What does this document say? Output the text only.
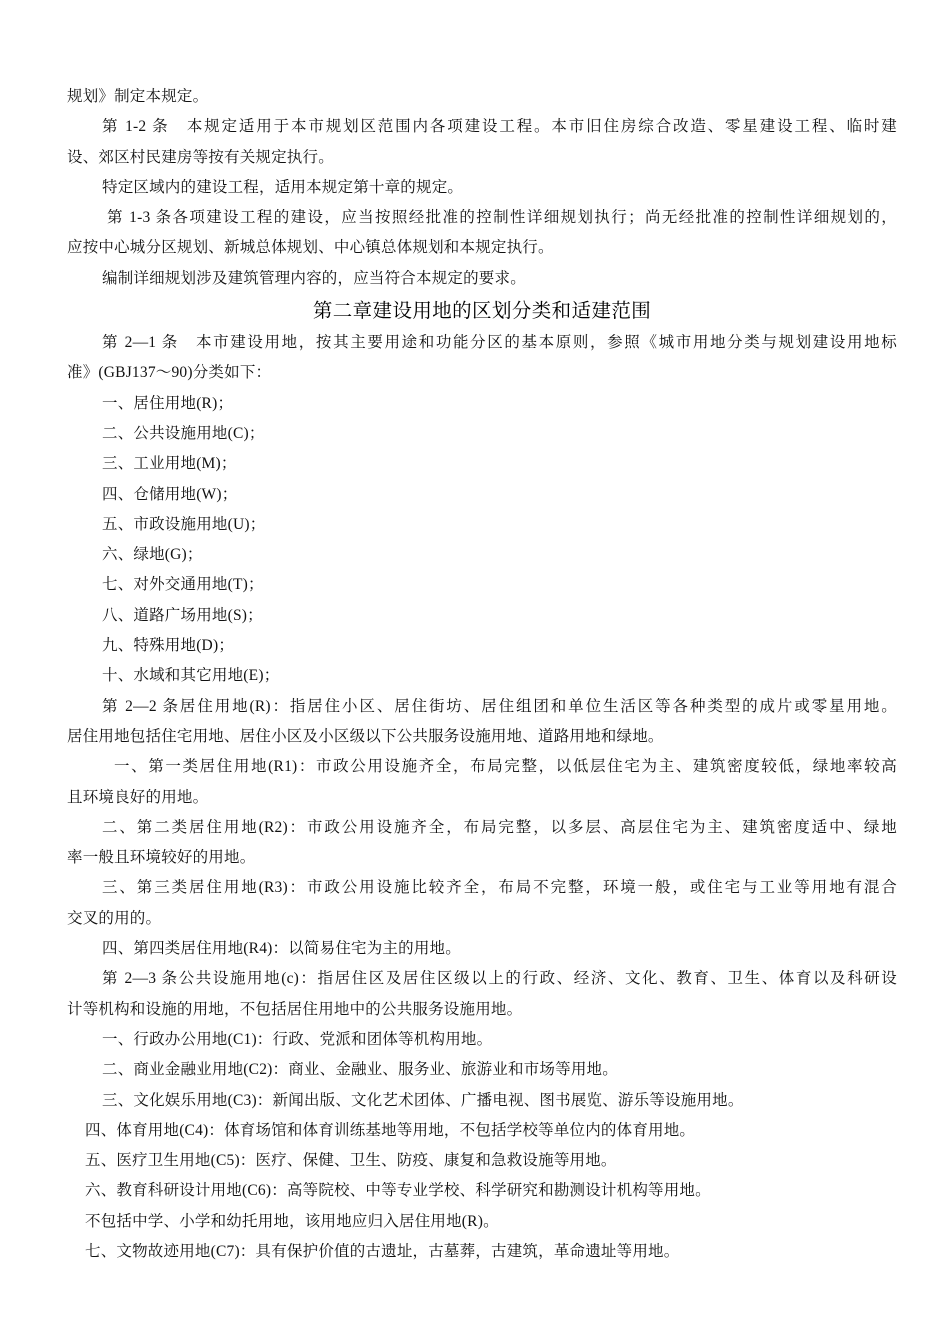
规划》制定本规定。
第 1-2 条　本规定适用于本市规划区范围内各项建设工程。本市旧住房综合改造、零星建设工程、临时建
设、郊区村民建房等按有关规定执行。
特定区域内的建设工程，适用本规定第十章的规定。
第 1-3 条各项建设工程的建设，应当按照经批准的控制性详细规划执行；尚无经批准的控制性详细规划的，
应按中心城分区规划、新城总体规划、中心镇总体规划和本规定执行。
编制详细规划涉及建筑管理内容的，应当符合本规定的要求。
第二章建设用地的区划分类和适建范围
第 2—1 条　本市建设用地，按其主要用途和功能分区的基本原则，参照《城市用地分类与规划建设用地标
准》(GBJ137～90)分类如下：
一、居住用地(R)；
二、公共设施用地(C)；
三、工业用地(M)；
四、仓储用地(W)；
五、市政设施用地(U)；
六、绿地(G)；
七、对外交通用地(T)；
八、道路广场用地(S)；
九、特殊用地(D)；
十、水域和其它用地(E)；
第 2—2 条居住用地(R)：指居住小区、居住街坊、居住组团和单位生活区等各种类型的成片或零星用地。
居住用地包括住宅用地、居住小区及小区级以下公共服务设施用地、道路用地和绿地。
一、第一类居住用地(R1)：市政公用设施齐全，布局完整，以低层住宅为主、建筑密度较低，绿地率较高
且环境良好的用地。
二、第二类居住用地(R2)：市政公用设施齐全，布局完整，以多层、高层住宅为主、建筑密度适中、绿地
率一般且环境较好的用地。
三、第三类居住用地(R3)：市政公用设施比较齐全，布局不完整，环境一般，或住宅与工业等用地有混合
交叉的用的。
四、第四类居住用地(R4)：以简易住宅为主的用地。
第 2—3 条公共设施用地(c)：指居住区及居住区级以上的行政、经济、文化、教育、卫生、体育以及科研设
计等机构和设施的用地，不包括居住用地中的公共服务设施用地。
一、行政办公用地(C1)：行政、党派和团体等机构用地。
二、商业金融业用地(C2)：商业、金融业、服务业、旅游业和市场等用地。
三、文化娱乐用地(C3)：新闻出版、文化艺术团体、广播电视、图书展览、游乐等设施用地。
四、体育用地(C4)：体育场馆和体育训练基地等用地，不包括学校等单位内的体育用地。
五、医疗卫生用地(C5)：医疗、保健、卫生、防疫、康复和急救设施等用地。
六、教育科研设计用地(C6)：高等院校、中等专业学校、科学研究和勘测设计机构等用地。
不包括中学、小学和幼托用地，该用地应归入居住用地(R)。
七、文物故迹用地(C7)：具有保护价值的古遗址，古墓葬，古建筑，革命遗址等用地。
